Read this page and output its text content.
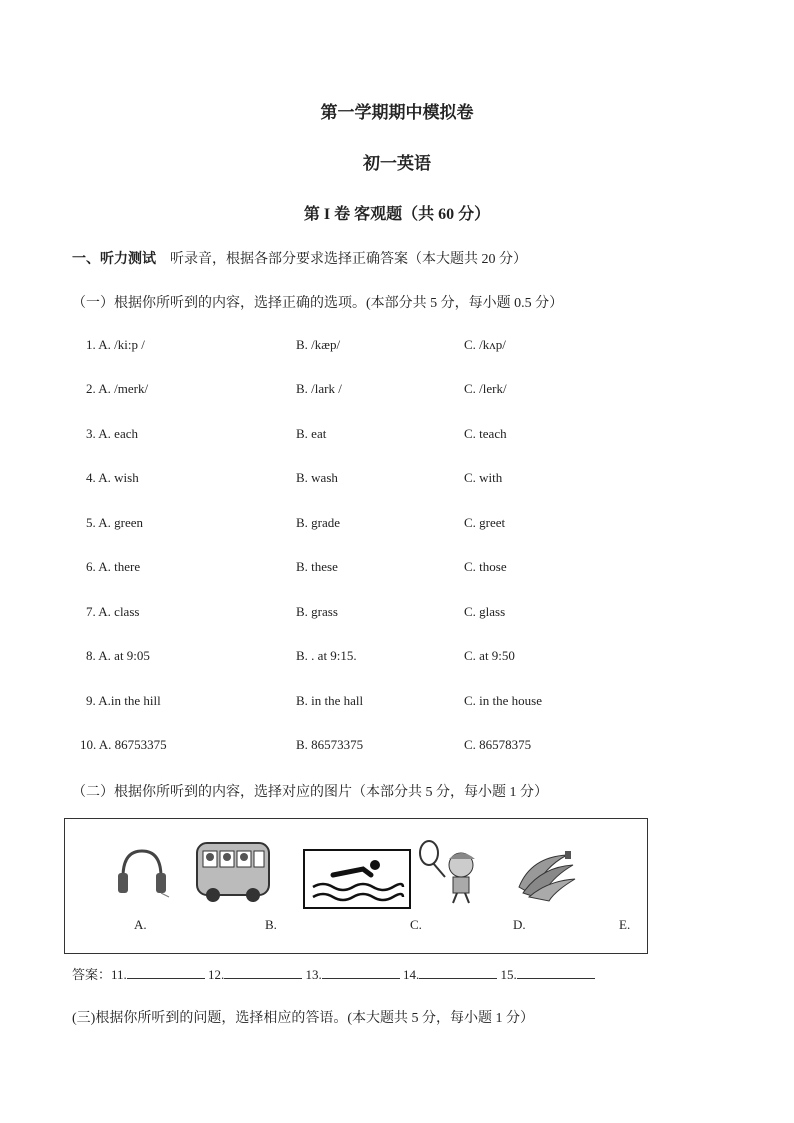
第一学期期中模拟卷
初一英语
第 I 卷 客观题（共 60 分）
一、听力测试 听录音，根据各部分要求选择正确答案（本大题共 20 分）
（一）根据你所听到的内容，选择正确的选项。(本部分共 5 分，每小题 0.5 分）
1. A. /ki:p /	B. /kæp/	C. /kʌp/
2. A. /merk/	B. /lark /	C. /lerk/
3. A. each	B. eat	C. teach
4. A. wish	B. wash	C. with
5. A. green	B. grade	C. greet
6. A. there	B. these	C. those
7. A. class	B. grass	C. glass
8. A. at 9:05	B. . at 9:15.	C. at 9:50
9. A.in the hill	B. in the hall	C. in the house
10. A. 86753375	B. 86573375	C. 86578375
（二）根据你所听到的内容，选择对应的图片（本部分共 5 分，每小题 1 分）
A.	B.	C.	D.	E.
答案：11.	12.	13.	14.	15.
(三)根据你所听到的问题，选择相应的答语。(本大题共 5 分，每小题 1 分）
